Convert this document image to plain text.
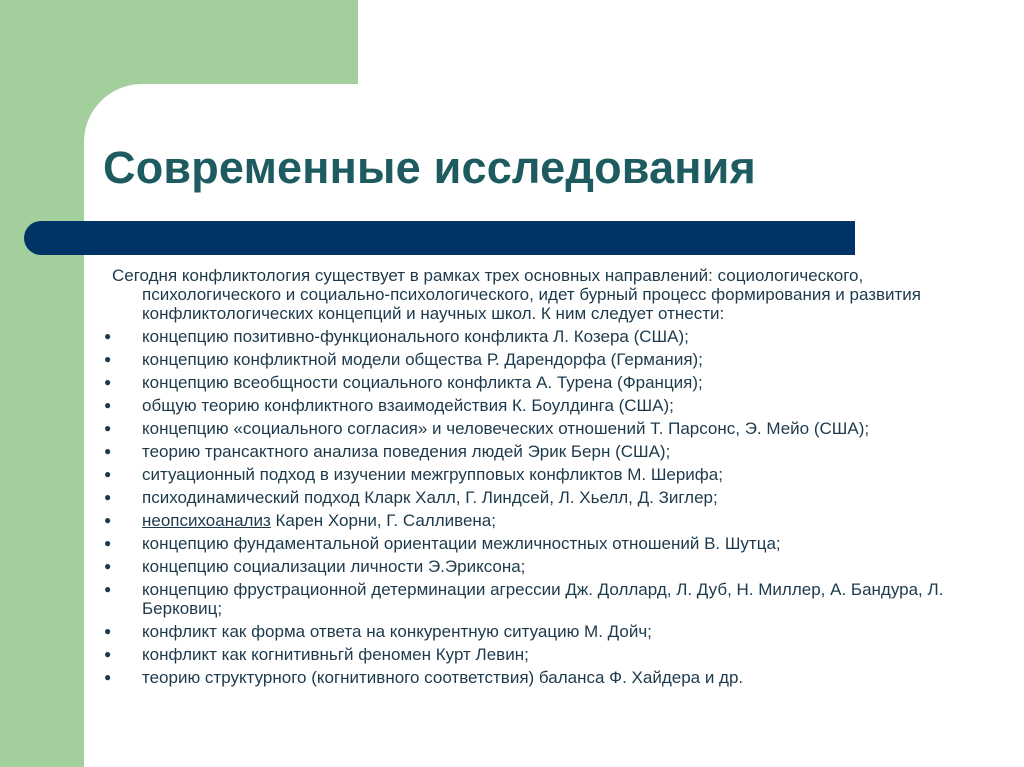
Современные исследования

Сегодня конфликтология существует в рамках трех основных направлений: социологического, психологического и социально-психологического, идет бурный процесс формирования и развития конфликтологических концепций и научных школ. К ним следует отнести:

●	концепцию позитивно-функционального конфликта Л. Козера (США);
●	концепцию конфликтной модели общества Р. Дарендорфа (Германия);
●	концепцию всеобщности социального конфликта А. Турена (Франция);
●	общую теорию конфликтного взаимодействия К. Боулдинга (США);
●	концепцию «социального согласия» и человеческих отношений Т. Парсонс, Э. Мейо (США);
●	теорию трансактного анализа поведения людей Эрик Берн (США);
●	ситуационный подход в изучении межгрупповых конфликтов М. Шерифа;
●	психодинамический подход Кларк Халл, Г. Линдсей, Л. Хьелл, Д. Зиглер;
●	неопсихоанализ Карен Хорни, Г. Салливена;
●	концепцию фундаментальной ориентации межличностных отношений В. Шутца;
●	концепцию социализации личности Э.Эриксона;
●	концепцию фрустрационной детерминации агрессии Дж. Доллард, Л. Дуб, Н. Миллер, А. Бандура, Л. Берковиц;
●	конфликт как форма ответа на конкурентную ситуацию М. Дойч;
●	конфликт как когнитивньгй феномен Курт Левин;
●	теорию структурного (когнитивного соответствия) баланса Ф. Хайдера и др.
